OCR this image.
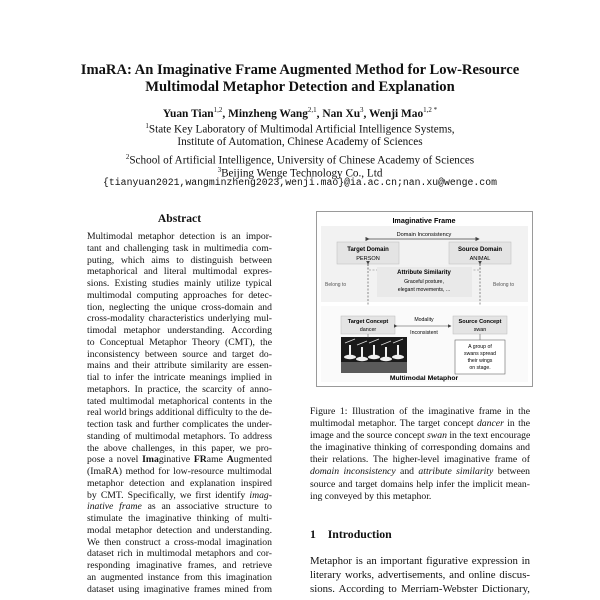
ImaRA: An Imaginative Frame Augmented Method for Low-Resource
Multimodal Metaphor Detection and Explanation
Yuan Tian$^{1,2}$, Minzheng Wang$^{2,1}$, Nan Xu$^3$, Wenji Mao$^{1,2 *}$
$^1$State Key Laboratory of Multimodal Artificial Intelligence Systems,
Institute of Automation, Chinese Academy of Sciences
$^2$School of Artificial Intelligence, University of Chinese Academy of Sciences
$^3$Beijing Wenge Technology Co., Ltd
{tianyuan2021,wangminzheng2023,wenji.mao}@ia.ac.cn;nan.xu@wenge.com
Abstract
Multimodal metaphor detection is an impor-
tant and challenging task in multimedia com-
puting, which aims to distinguish between
metaphorical and literal multimodal expres-
sions. Existing studies mainly utilize typical
multimodal computing approaches for detec-
tion, neglecting the unique cross-domain and
cross-modality characteristics underlying mul-
timodal metaphor understanding. According
to Conceptual Metaphor Theory (CMT), the
inconsistency between source and target do-
mains and their attribute similarity are essen-
tial to infer the intricate meanings implied in
metaphors. In practice, the scarcity of anno-
tated multimodal metaphorical contents in the
real world brings additional difficulty to the de-
tection task and further complicates the under-
standing of multimodal metaphors. To address
the above challenges, in this paper, we pro-
pose a novel Imaginative FRame Augmented
(ImaRA) method for low-resource multimodal
metaphor detection and explanation inspired
by CMT. Specifically, we first identify imag-
inative frame as an associative structure to
stimulate the imaginative thinking of multi-
modal metaphor detection and understanding.
We then construct a cross-modal imagination
dataset rich in multimodal metaphors and cor-
responding imaginative frames, and retrieve
an augmented instance from this imagination
dataset using imaginative frames mined from
Imaginative Frame
Domain Inconsistency
Target Domain
PERSON
Source Domain
ANIMAL
Attribute Similarity
Graceful posture,
elegant movements, ...
Belong to	Belong to
Target Concept
dancer
Source Concept
swan
Modality
Inconsistent
A group of
swans spread
their wings
on stage.
Multimodal Metaphor
Figure 1: Illustration of the imaginative frame in the
multimodal metaphor. The target concept dancer in the
image and the source concept swan in the text encourage
the imaginative thinking of corresponding domains and
their relations. The higher-level imaginative frame of
domain inconsistency and attribute similarity between
source and target domains help infer the implicit mean-
ing conveyed by this metaphor.
1 Introduction
Metaphor is an important figurative expression in
literary works, advertisements, and online discus-
sions. According to Merriam-Webster Dictionary,
